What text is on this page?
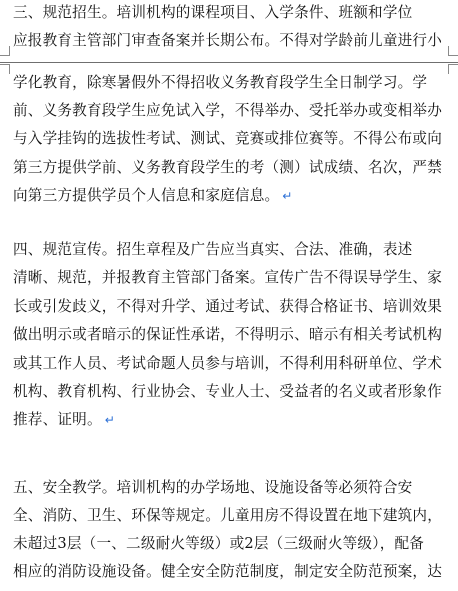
三、规范招生。培训机构的课程项目、入学条件、班额和学位
应报教育主管部门审查备案并长期公布。不得对学龄前儿童进行小
学化教育，除寒暑假外不得招收义务教育段学生全日制学习。学
前、义务教育段学生应免试入学，不得举办、受托举办或变相举办
与入学挂钩的选拔性考试、测试、竞赛或排位赛等。不得公布或向
第三方提供学前、义务教育段学生的考（测）试成绩、名次，严禁
向第三方提供学员个人信息和家庭信息。 ↵
四、规范宣传。招生章程及广告应当真实、合法、准确，表述
清晰、规范，并报教育主管部门备案。宣传广告不得误导学生、家
长或引发歧义，不得对升学、通过考试、获得合格证书、培训效果
做出明示或者暗示的保证性承诺，不得明示、暗示有相关考试机构
或其工作人员、考试命题人员参与培训，不得利用科研单位、学术
机构、教育机构、行业协会、专业人士、受益者的名义或者形象作
推荐、证明。 ↵
五、安全教学。培训机构的办学场地、设施设备等必须符合安
全、消防、卫生、环保等规定。儿童用房不得设置在地下建筑内，
未超过3层（一、二级耐火等级）或2层（三级耐火等级），配备
相应的消防设施设备。健全安全防范制度，制定安全防范预案，达
